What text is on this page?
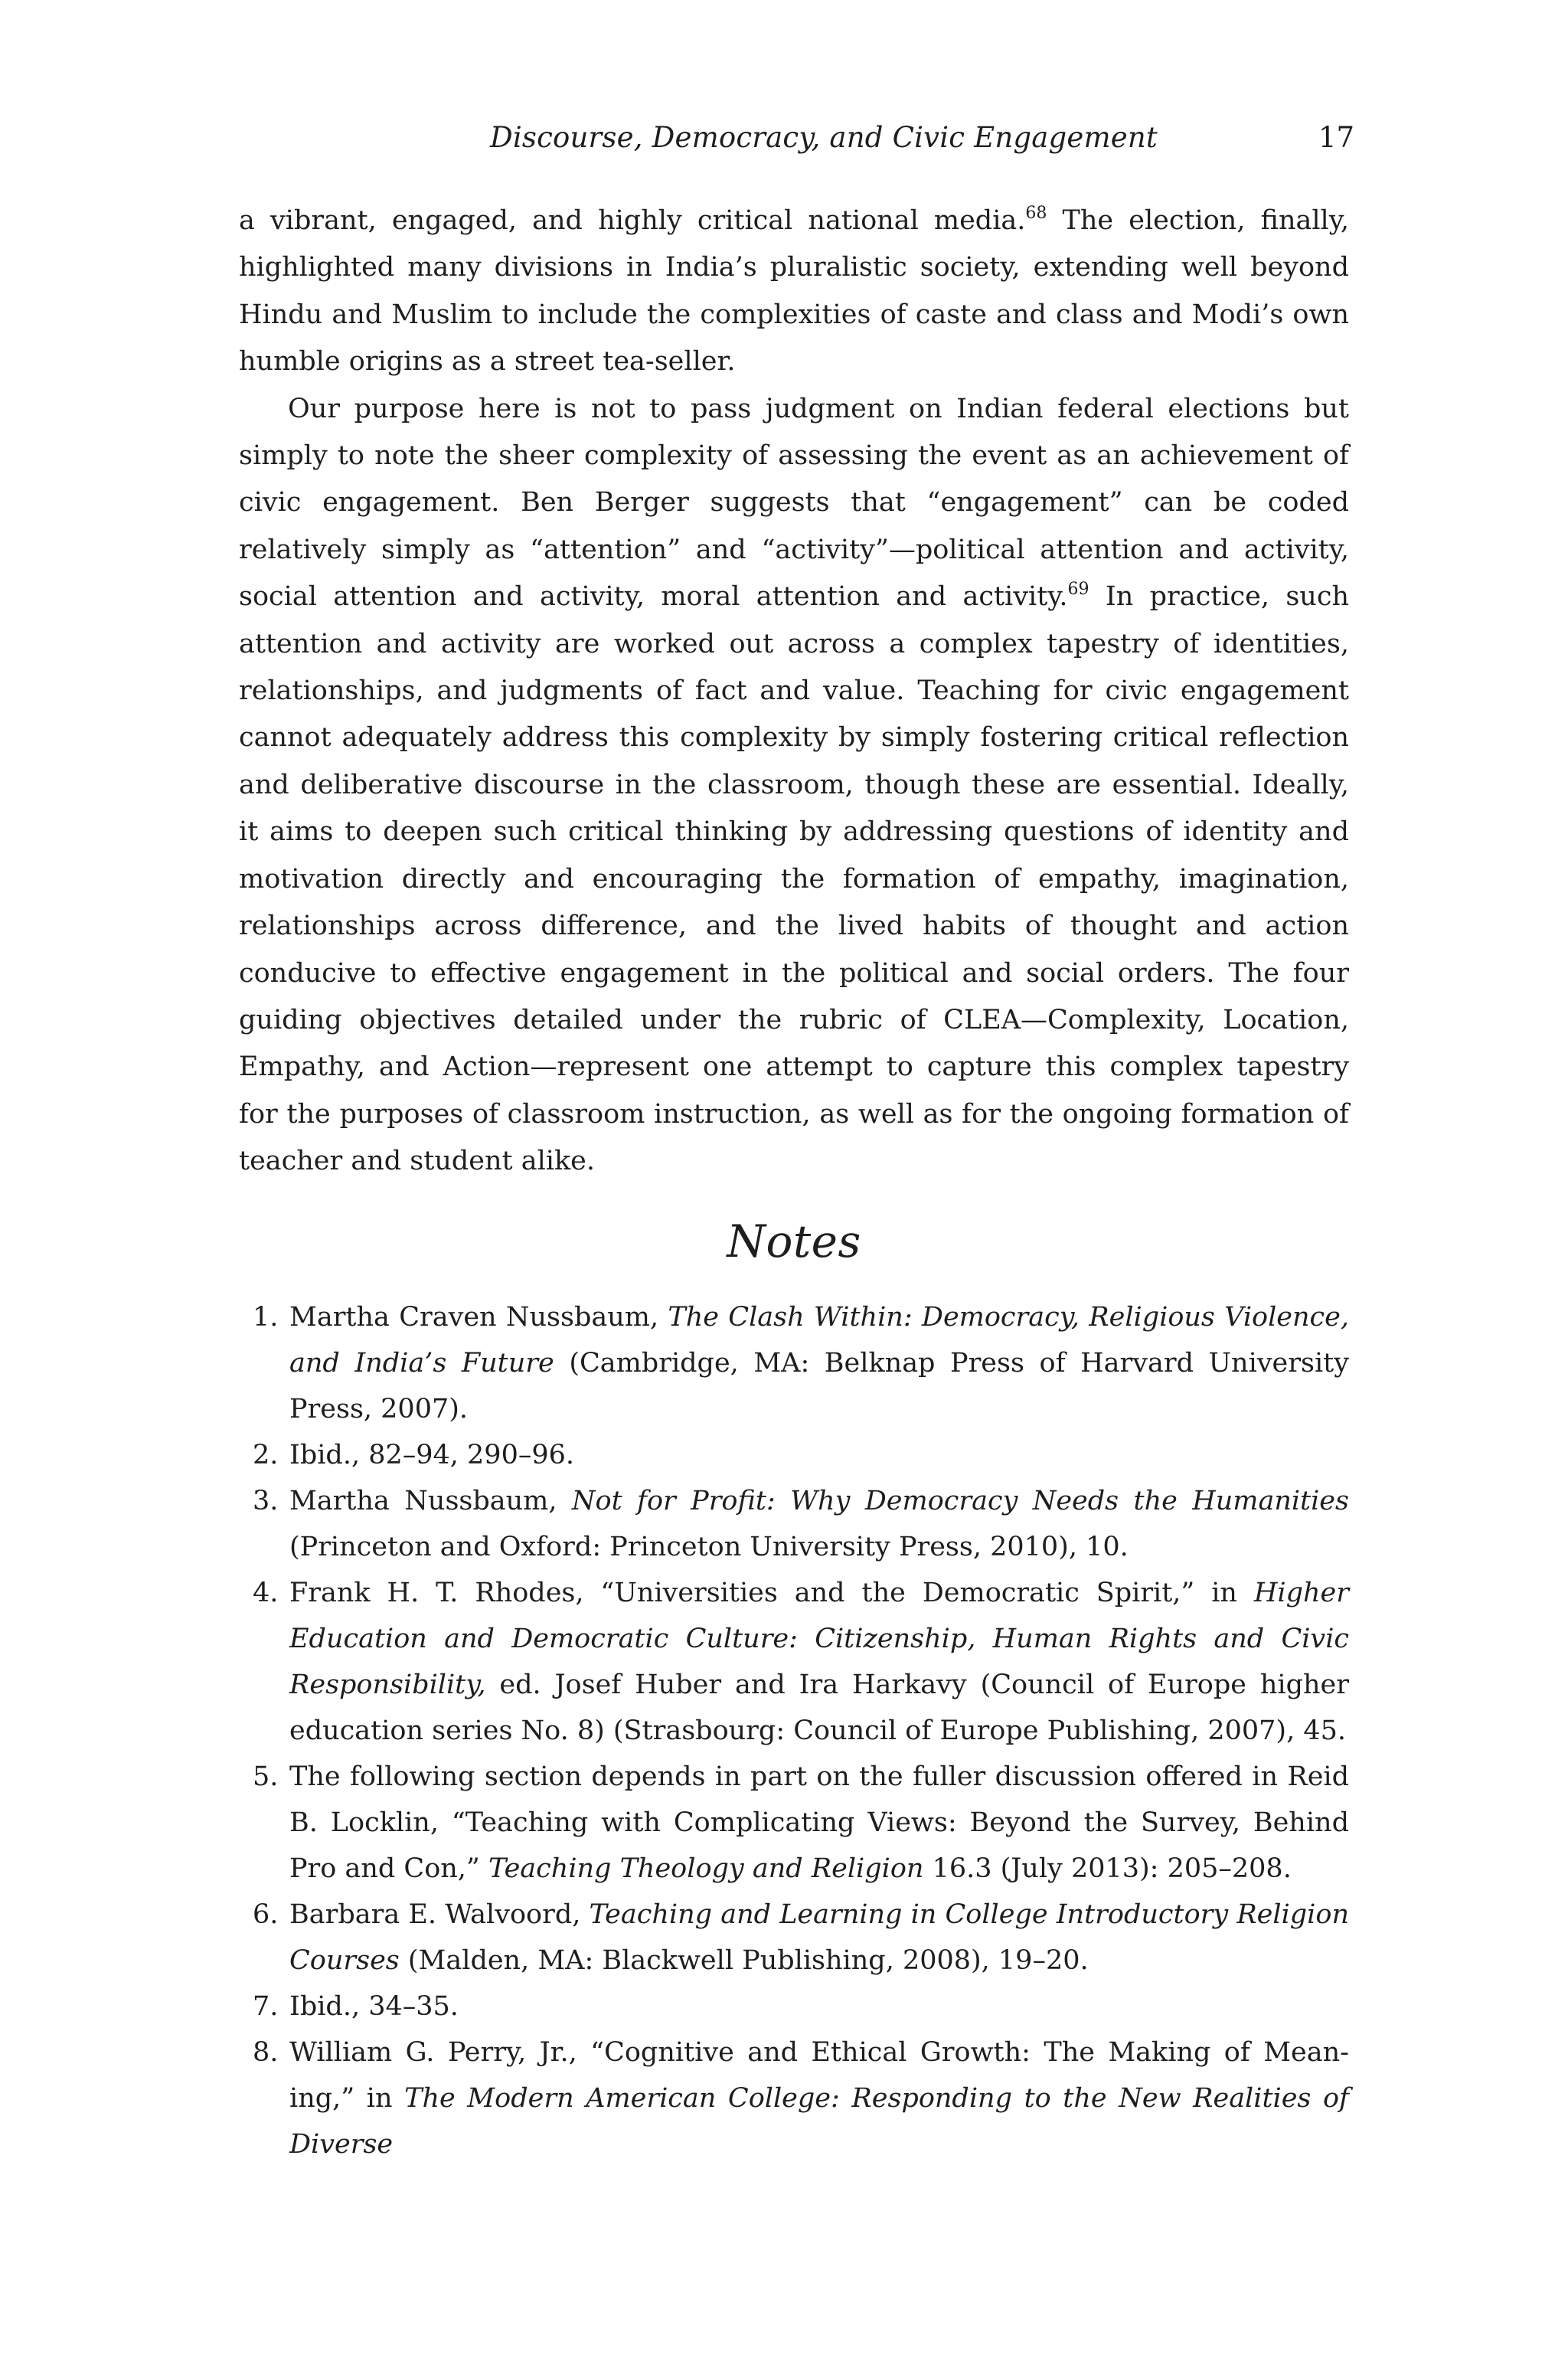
Discourse, Democracy, and Civic Engagement	17

a vibrant, engaged, and highly critical national media.$^{68}$ The election, finally, highlighted many divisions in India’s pluralistic society, extending well beyond Hindu and Muslim to include the complexities of caste and class and Modi’s own humble origins as a street tea-seller.

Our purpose here is not to pass judgment on Indian federal elections but simply to note the sheer complexity of assessing the event as an achievement of civic engagement. Ben Berger suggests that “engagement” can be coded relatively simply as “attention” and “activity”—political attention and activity, social attention and activity, moral attention and activity.$^{69}$ In practice, such attention and activity are worked out across a complex tapestry of identities, relationships, and judgments of fact and value. Teaching for civic engagement cannot adequately address this complexity by simply fostering critical reflection and deliberative discourse in the classroom, though these are essential. Ideally, it aims to deepen such critical thinking by addressing questions of identity and motivation directly and encouraging the formation of empathy, imagination, relationships across difference, and the lived habits of thought and action conducive to effective engagement in the political and social orders. The four guiding objectives detailed under the rubric of CLEA—Complexity, Location, Empathy, and Action—represent one attempt to capture this complex tapestry for the purposes of classroom instruction, as well as for the ongoing formation of teacher and student alike.

Notes
1. Martha Craven Nussbaum, The Clash Within: Democracy, Religious Violence, and India’s Future (Cambridge, MA: Belknap Press of Harvard University Press, 2007).
2. Ibid., 82–94, 290–96.
3. Martha Nussbaum, Not for Profit: Why Democracy Needs the Humanities (Princeton and Oxford: Princeton University Press, 2010), 10.
4. Frank H. T. Rhodes, “Universities and the Democratic Spirit,” in Higher Education and Democratic Culture: Citizenship, Human Rights and Civic Responsibility, ed. Josef Huber and Ira Harkavy (Council of Europe higher education series No. 8) (Strasbourg: Council of Europe Publishing, 2007), 45.
5. The following section depends in part on the fuller discussion offered in Reid B. Locklin, “Teaching with Complicating Views: Beyond the Survey, Behind Pro and Con,” Teaching Theology and Religion 16.3 (July 2013): 205–208.
6. Barbara E. Walvoord, Teaching and Learning in College Introductory Religion Courses (Malden, MA: Blackwell Publishing, 2008), 19–20.
7. Ibid., 34–35.
8. William G. Perry, Jr., “Cognitive and Ethical Growth: The Making of Meaning,” in The Modern American College: Responding to the New Realities of Diverse
